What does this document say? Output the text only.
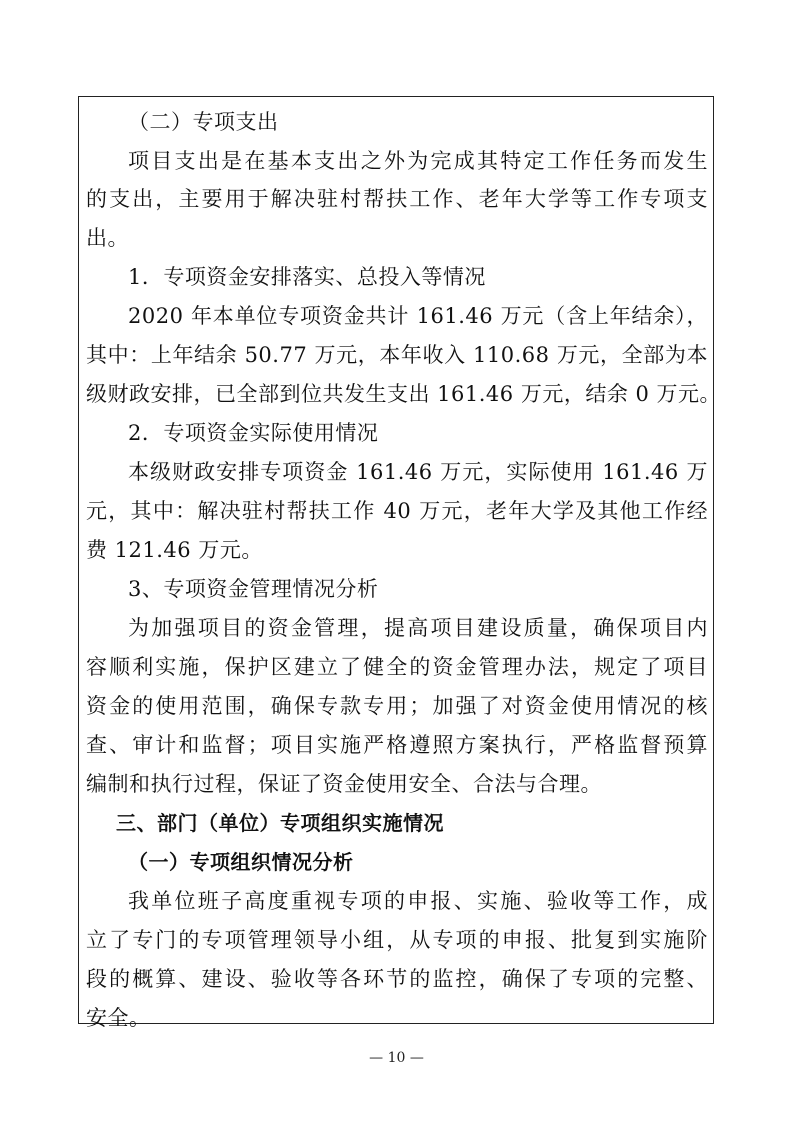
（二）专项支出
项目支出是在基本支出之外为完成其特定工作任务而发生
的支出，主要用于解决驻村帮扶工作、老年大学等工作专项支
出。
1．专项资金安排落实、总投入等情况
2020 年本单位专项资金共计 161.46 万元（含上年结余），
其中：上年结余 50.77 万元，本年收入 110.68 万元，全部为本
级财政安排，已全部到位共发生支出 161.46 万元，结余 0 万元。
2．专项资金实际使用情况
本级财政安排专项资金 161.46 万元，实际使用 161.46 万
元，其中：解决驻村帮扶工作 40 万元，老年大学及其他工作经
费 121.46 万元。
3、专项资金管理情况分析
为加强项目的资金管理，提高项目建设质量，确保项目内
容顺利实施，保护区建立了健全的资金管理办法，规定了项目
资金的使用范围，确保专款专用；加强了对资金使用情况的核
查、审计和监督；项目实施严格遵照方案执行，严格监督预算
编制和执行过程，保证了资金使用安全、合法与合理。
三、部门（单位）专项组织实施情况
（一）专项组织情况分析
我单位班子高度重视专项的申报、实施、验收等工作，成
立了专门的专项管理领导小组，从专项的申报、批复到实施阶
段的概算、建设、验收等各环节的监控，确保了专项的完整、
安全。
— 10 —
